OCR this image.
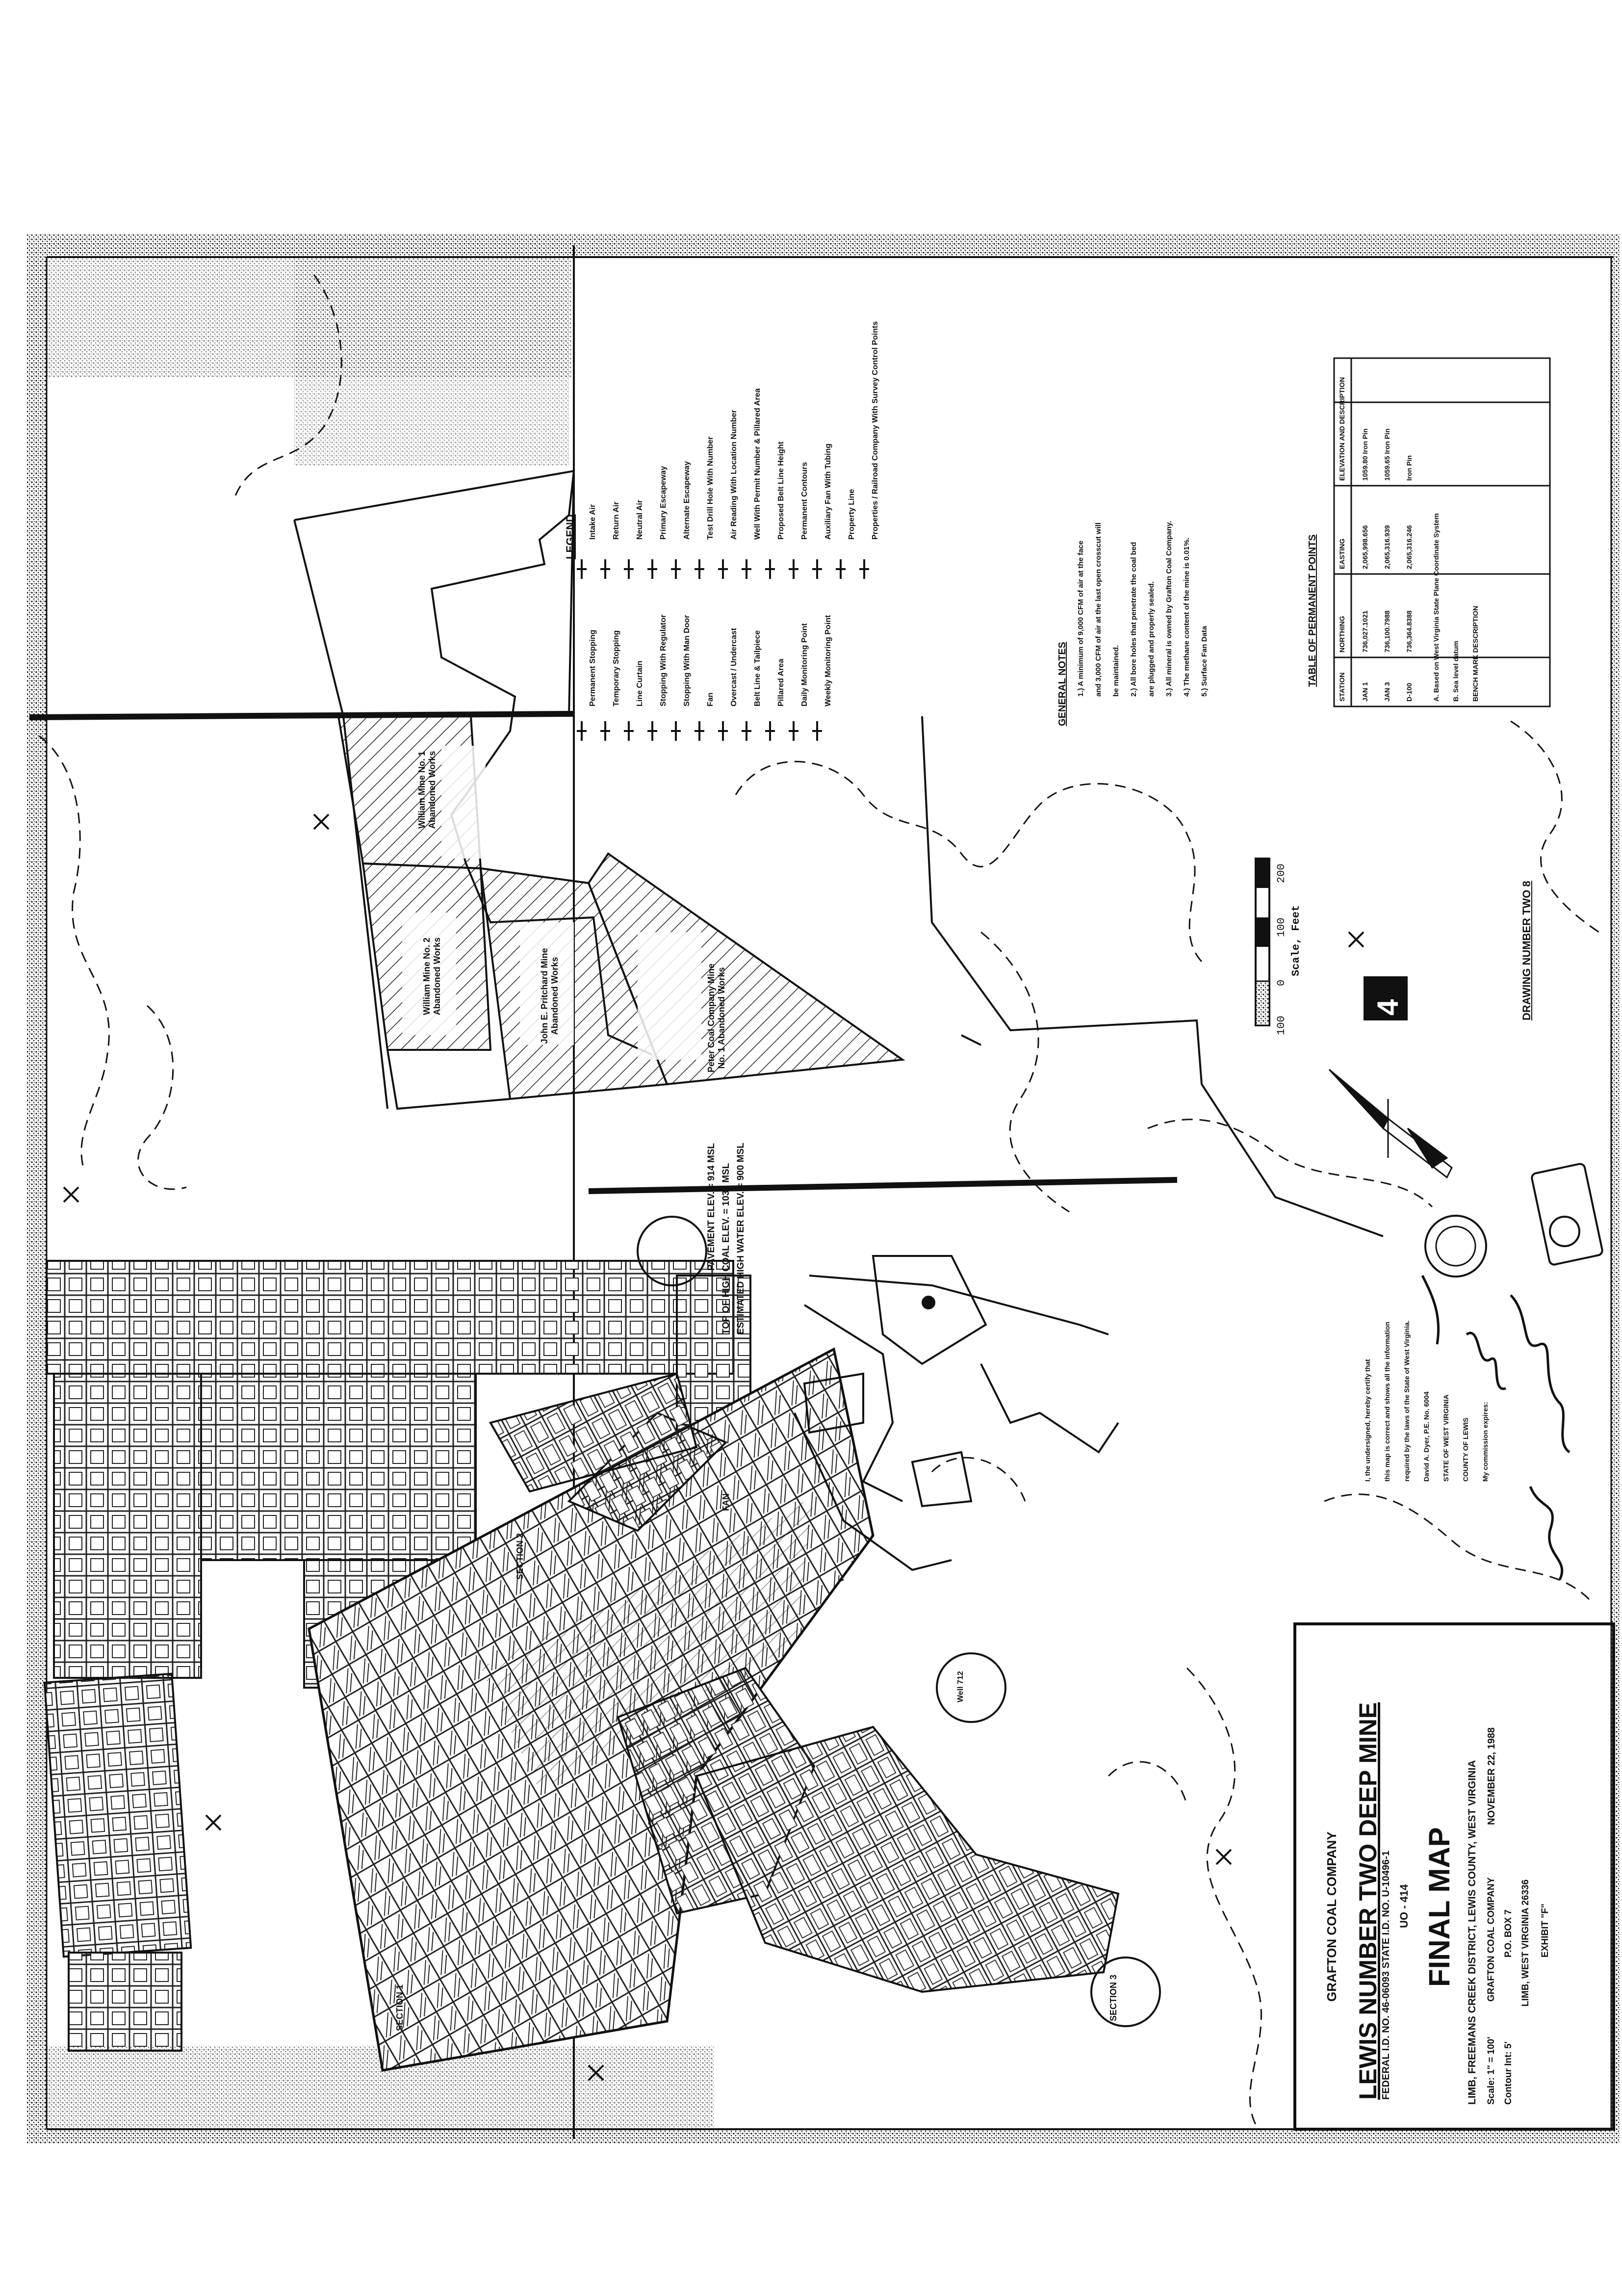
GRAFTON COAL COMPANY LEWIS NUMBER TWO DEEP MINE
FEDERAL I.D. NO. 46-06093 STATE I.D. NO. U-10496-1 UO - 414 FINAL MAP LIMB, FREEMANS CREEK DISTRICT, LEWIS COUNTY, WEST VIRGINIA Scale: 1" = 100'
GRAFTON COAL COMPANY
NOVEMBER 22, 1988
Contour Int: 5'
P.O. BOX 7 LIMB, WEST VIRGINIA 26336 EXHIBIT "F"
DRAWING NUMBER TWO 8
4
100
0
100
200
Scale, Feet
LEGEND
Permanent Stopping Temporary Stopping Line Curtain Stopping With Regulator Stopping With Man Door Fan Overcast / Undercast Belt Line & Tailpiece Pillared Area Daily Monitoring Point Weekly Monitoring Point
Intake Air Return Air Neutral Air Primary Escapeway Alternate Escapeway Test Drill Hole With Number Air Reading With Location Number Well With Permit Number & Pillared Area Proposed Belt Line Height Permanent Contours Auxiliary Fan With Tubing Property Line Properties / Railroad Company With Survey Control Points
GENERAL NOTES 1.) A minimum of 9,000 CFM of air at the face and 3,000 CFM of air at the last open crosscut will be maintained. 2.) All bore holes that penetrate the coal bed are plugged and properly sealed. 3.) All mineral is owned by Grafton Coal Company. 4.) The methane content of the mine is 0.01%. 5.) Surface Fan Data	TABLE OF PERMANENT POINTS
STATION
NORTHING
EASTING
ELEVATION AND DESCRIPTION
JAN 1
736,027.1021
2,065,998.656
1059.80 Iron Pin
JAN 3
736,100.7988
2,065,316.939
1059.65 Iron Pin
D-100
736,364.8388
2,065,316.246
Iron Pin
A. Based on West Virginia State Plane Coordinate System B. Sea level datum BENCH MARK DESCRIPTION
William Mine No. 1 Abandoned Works
William Mine No. 2 Abandoned Works	John E. Pritchard Mine Abandoned Works	Peter Coal Company Mine No. 1 Abandoned Works
PAVEMENT ELEV. = 914 MSL TOP OF HIGH COAL ELEV. = 1030 MSL ESTIMATED HIGH WATER ELEV. = 900 MSL
SECTION 1
SECTION 2
SECTION 3
FAN
Well 712
I, the undersigned, hereby certify that this map is correct and shows all the information required by the laws of the State of West Virginia. David A. Dyer, P.E. No. 6004 STATE OF WEST VIRGINIA COUNTY OF LEWIS My commission expires:
